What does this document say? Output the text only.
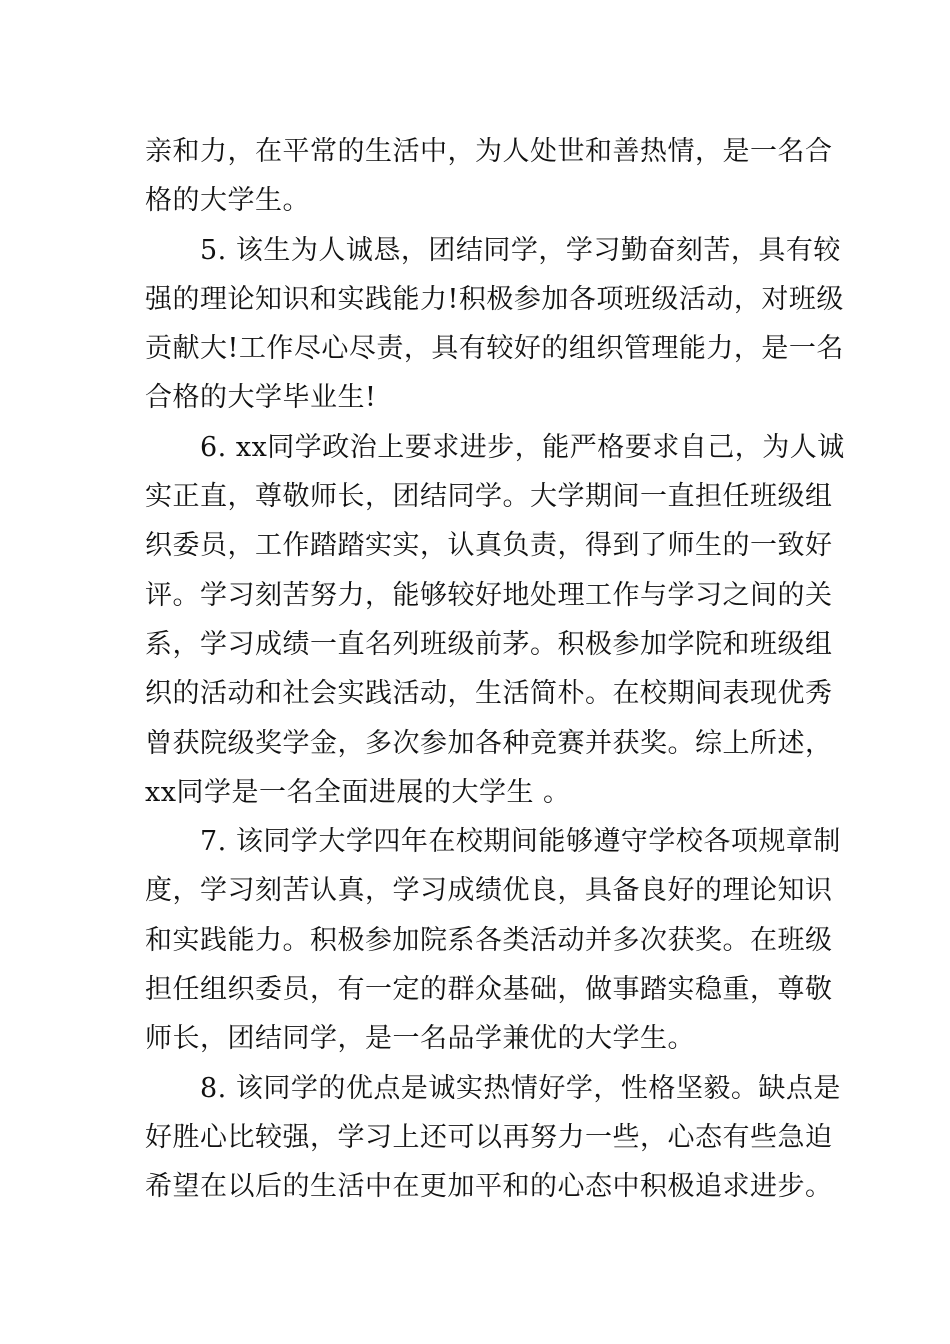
亲和力，在平常的生活中，为人处世和善热情，是一名合
格的大学生。
5. 该生为人诚恳，团结同学，学习勤奋刻苦，具有较
强的理论知识和实践能力!积极参加各项班级活动，对班级
贡献大!工作尽心尽责，具有较好的组织管理能力，是一名
合格的大学毕业生!
6. xx同学政治上要求进步，能严格要求自己，为人诚
实正直，尊敬师长，团结同学。大学期间一直担任班级组
织委员，工作踏踏实实，认真负责，得到了师生的一致好
评。学习刻苦努力，能够较好地处理工作与学习之间的关
系，学习成绩一直名列班级前茅。积极参加学院和班级组
织的活动和社会实践活动，生活简朴。在校期间表现优秀
曾获院级奖学金，多次参加各种竞赛并获奖。综上所述，
xx同学是一名全面进展的大学生 。
7. 该同学大学四年在校期间能够遵守学校各项规章制
度，学习刻苦认真，学习成绩优良，具备良好的理论知识
和实践能力。积极参加院系各类活动并多次获奖。在班级
担任组织委员，有一定的群众基础，做事踏实稳重，尊敬
师长，团结同学，是一名品学兼优的大学生。
8. 该同学的优点是诚实热情好学，性格坚毅。缺点是
好胜心比较强，学习上还可以再努力一些，心态有些急迫
希望在以后的生活中在更加平和的心态中积极追求进步。
